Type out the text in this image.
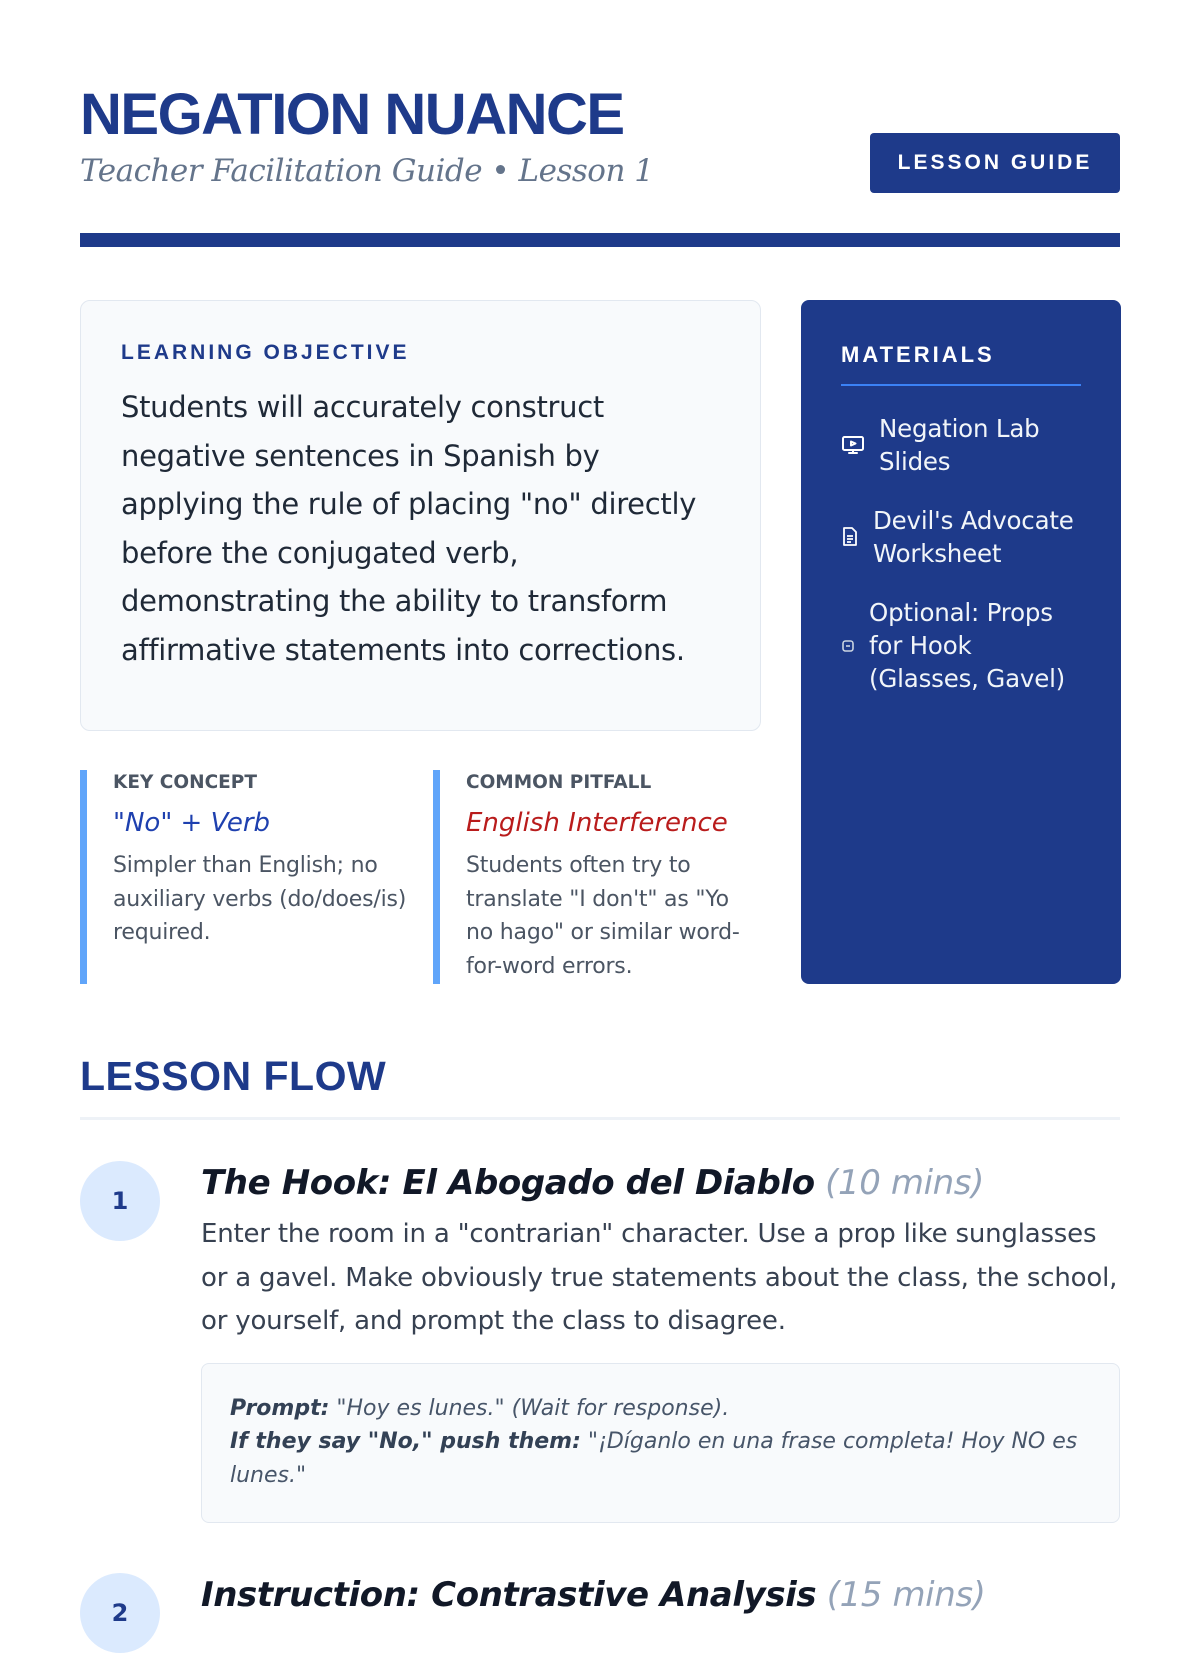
NEGATION NUANCE
Teacher Facilitation Guide • Lesson 1	LESSON GUIDE
LEARNING OBJECTIVE
Students will accurately construct negative sentences in Spanish by applying the rule of placing "no" directly before the conjugated verb, demonstrating the ability to transform affirmative statements into corrections.
KEY CONCEPT
"No" + Verb
Simpler than English; no auxiliary verbs (do/does/is) required.
COMMON PITFALL
English Interference
Students often try to translate "I don't" as "Yo no hago" or similar word-for-word errors.
MATERIALS
Negation Lab Slides
Devil's Advocate Worksheet
Optional: Props for Hook (Glasses, Gavel)
LESSON FLOW
1	The Hook: El Abogado del Diablo (10 mins)
Enter the room in a "contrarian" character. Use a prop like sunglasses or a gavel. Make obviously true statements about the class, the school, or yourself, and prompt the class to disagree.
Prompt: "Hoy es lunes." (Wait for response).
If they say "No," push them: "¡Díganlo en una frase completa! Hoy NO es lunes."
2	Instruction: Contrastive Analysis (15 mins)
